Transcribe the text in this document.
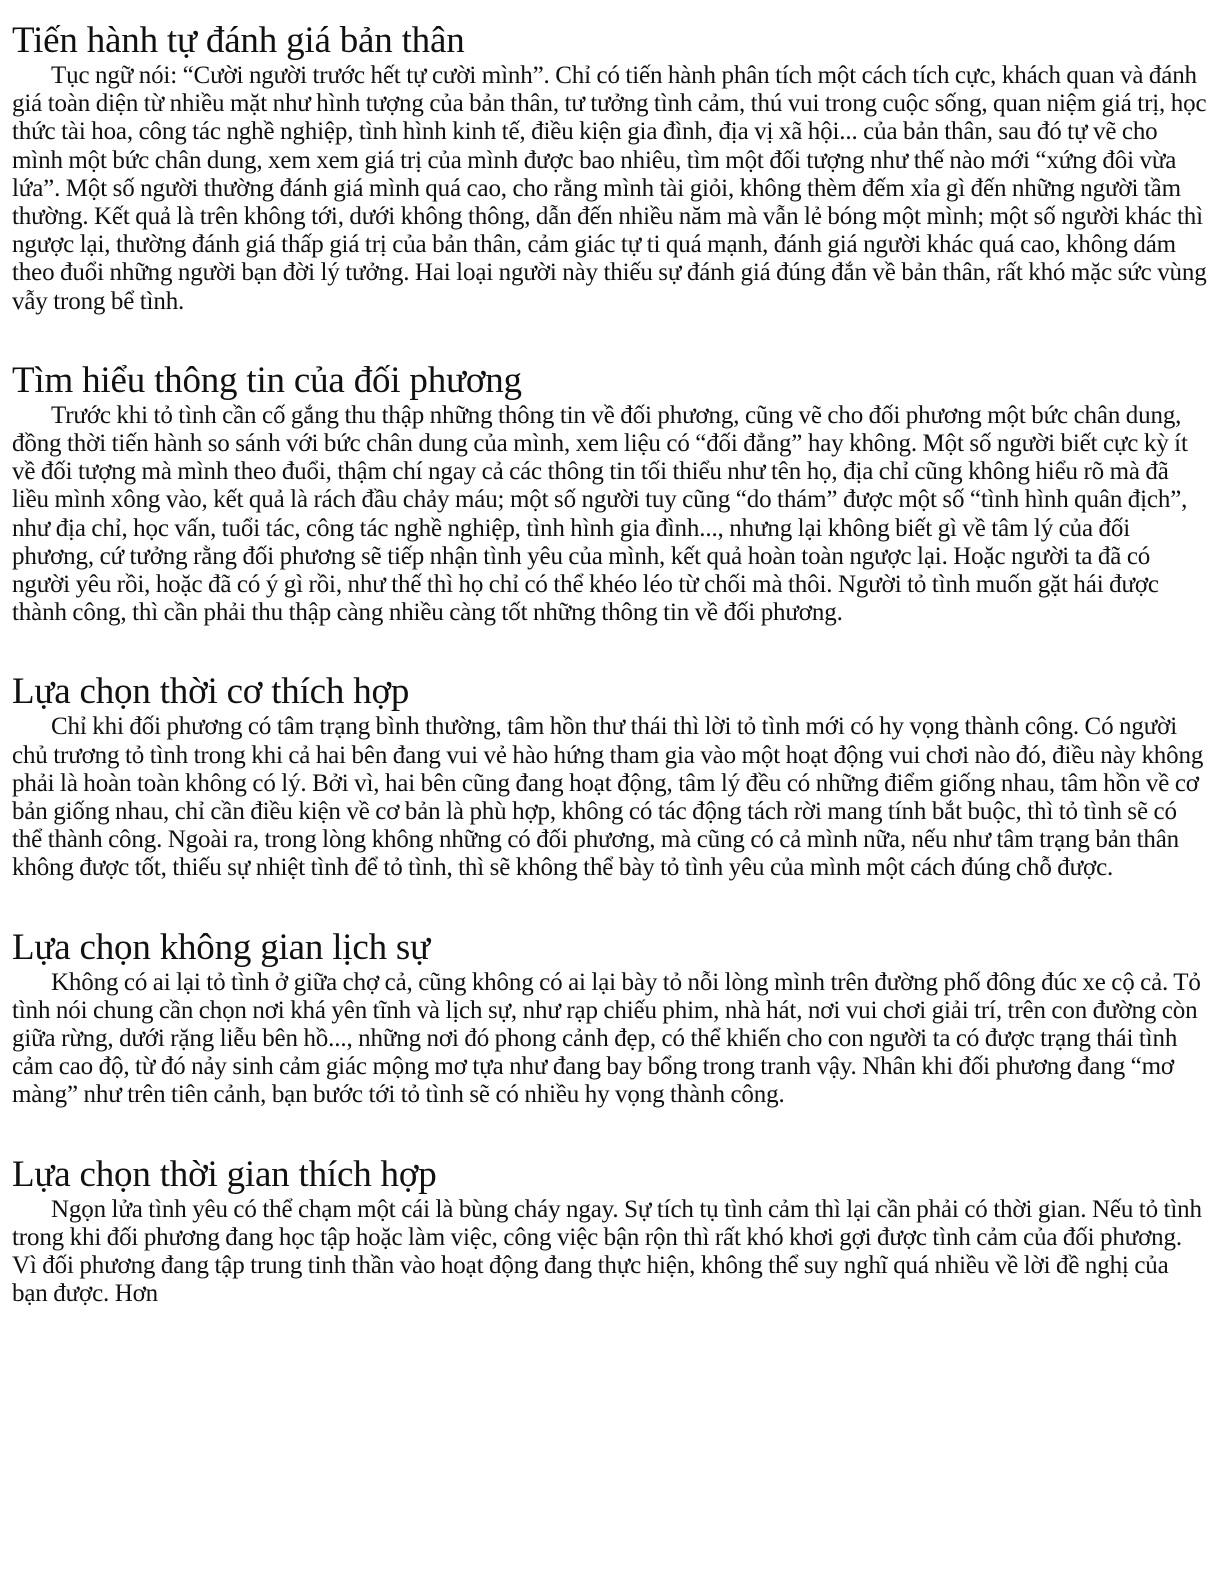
Tiến hành tự đánh giá bản thân

Tục ngữ nói: “Cười người trước hết tự cười mình”. Chỉ có tiến hành phân tích một cách tích cực, khách quan và đánh giá toàn diện từ nhiều mặt như hình tượng của bản thân, tư tưởng tình cảm, thú vui trong cuộc sống, quan niệm giá trị, học thức tài hoa, công tác nghề nghiệp, tình hình kinh tế, điều kiện gia đình, địa vị xã hội... của bản thân, sau đó tự vẽ cho mình một bức chân dung, xem xem giá trị của mình được bao nhiêu, tìm một đối tượng như thế nào mới “xứng đôi vừa lứa”. Một số người thường đánh giá mình quá cao, cho rằng mình tài giỏi, không thèm đếm xỉa gì đến những người tầm thường. Kết quả là trên không tới, dưới không thông, dẫn đến nhiều năm mà vẫn lẻ bóng một mình; một số người khác thì ngược lại, thường đánh giá thấp giá trị của bản thân, cảm giác tự ti quá mạnh, đánh giá người khác quá cao, không dám theo đuổi những người bạn đời lý tưởng. Hai loại người này thiếu sự đánh giá đúng đắn về bản thân, rất khó mặc sức vùng vẫy trong bể tình.

Tìm hiểu thông tin của đối phương

Trước khi tỏ tình cần cố gắng thu thập những thông tin về đối phương, cũng vẽ cho đối phương một bức chân dung, đồng thời tiến hành so sánh với bức chân dung của mình, xem liệu có “đối đẳng” hay không. Một số người biết cực kỳ ít về đối tượng mà mình theo đuổi, thậm chí ngay cả các thông tin tối thiểu như tên họ, địa chỉ cũng không hiểu rõ mà đã liều mình xông vào, kết quả là rách đầu chảy máu; một số người tuy cũng “do thám” được một số “tình hình quân địch”, như địa chỉ, học vấn, tuổi tác, công tác nghề nghiệp, tình hình gia đình..., nhưng lại không biết gì về tâm lý của đối phương, cứ tưởng rằng đối phương sẽ tiếp nhận tình yêu của mình, kết quả hoàn toàn ngược lại. Hoặc người ta đã có người yêu rồi, hoặc đã có ý gì rồi, như thế thì họ chỉ có thể khéo léo từ chối mà thôi. Người tỏ tình muốn gặt hái được thành công, thì cần phải thu thập càng nhiều càng tốt những thông tin về đối phương.

Lựa chọn thời cơ thích hợp

Chỉ khi đối phương có tâm trạng bình thường, tâm hồn thư thái thì lời tỏ tình mới có hy vọng thành công. Có người chủ trương tỏ tình trong khi cả hai bên đang vui vẻ hào hứng tham gia vào một hoạt động vui chơi nào đó, điều này không phải là hoàn toàn không có lý. Bởi vì, hai bên cũng đang hoạt động, tâm lý đều có những điểm giống nhau, tâm hồn về cơ bản giống nhau, chỉ cần điều kiện về cơ bản là phù hợp, không có tác động tách rời mang tính bắt buộc, thì tỏ tình sẽ có thể thành công. Ngoài ra, trong lòng không những có đối phương, mà cũng có cả mình nữa, nếu như tâm trạng bản thân không được tốt, thiếu sự nhiệt tình để tỏ tình, thì sẽ không thể bày tỏ tình yêu của mình một cách đúng chỗ được.

Lựa chọn không gian lịch sự

Không có ai lại tỏ tình ở giữa chợ cả, cũng không có ai lại bày tỏ nỗi lòng mình trên đường phố đông đúc xe cộ cả. Tỏ tình nói chung cần chọn nơi khá yên tĩnh và lịch sự, như rạp chiếu phim, nhà hát, nơi vui chơi giải trí, trên con đường còn giữa rừng, dưới rặng liễu bên hồ..., những nơi đó phong cảnh đẹp, có thể khiến cho con người ta có được trạng thái tình cảm cao độ, từ đó nảy sinh cảm giác mộng mơ tựa như đang bay bổng trong tranh vậy. Nhân khi đối phương đang “mơ màng” như trên tiên cảnh, bạn bước tới tỏ tình sẽ có nhiều hy vọng thành công.

Lựa chọn thời gian thích hợp

Ngọn lửa tình yêu có thể chạm một cái là bùng cháy ngay. Sự tích tụ tình cảm thì lại cần phải có thời gian. Nếu tỏ tình trong khi đối phương đang học tập hoặc làm việc, công việc bận rộn thì rất khó khơi gợi được tình cảm của đối phương. Vì đối phương đang tập trung tinh thần vào hoạt động đang thực hiện, không thể suy nghĩ quá nhiều về lời đề nghị của bạn được. Hơn
